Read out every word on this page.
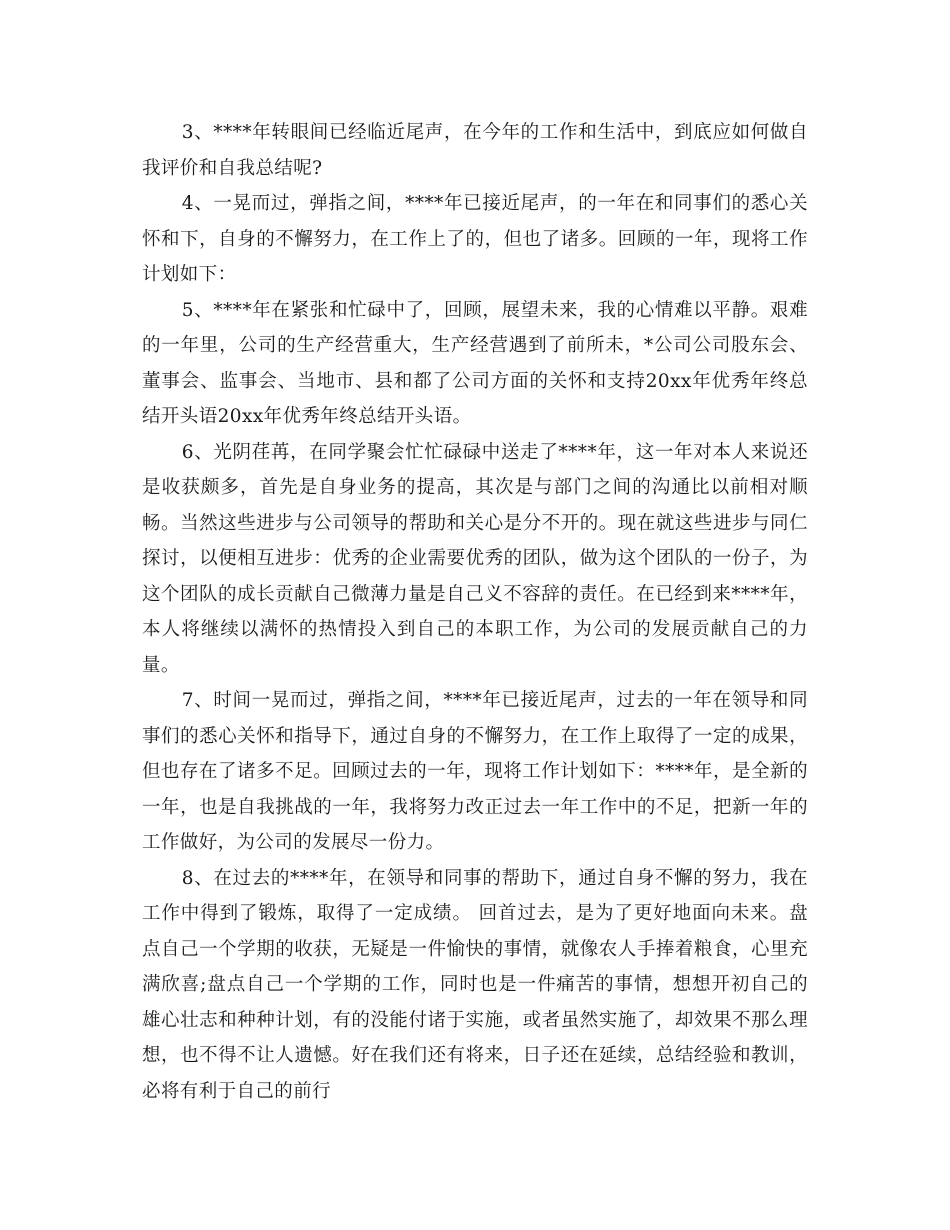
3、****年转眼间已经临近尾声，在今年的工作和生活中，到底应如何做自我评价和自我总结呢?

4、一晃而过，弹指之间，****年已接近尾声，的一年在和同事们的悉心关怀和下，自身的不懈努力，在工作上了的，但也了诸多。回顾的一年，现将工作计划如下：

5、****年在紧张和忙碌中了，回顾，展望未来，我的心情难以平静。艰难的一年里，公司的生产经营重大，生产经营遇到了前所未，*公司公司股东会、董事会、监事会、当地市、县和都了公司方面的关怀和支持20xx年优秀年终总结开头语20xx年优秀年终总结开头语。

6、光阴荏苒，在同学聚会忙忙碌碌中送走了****年，这一年对本人来说还是收获颇多，首先是自身业务的提高，其次是与部门之间的沟通比以前相对顺畅。当然这些进步与公司领导的帮助和关心是分不开的。现在就这些进步与同仁探讨，以便相互进步：优秀的企业需要优秀的团队，做为这个团队的一份子，为这个团队的成长贡献自己微薄力量是自己义不容辞的责任。在已经到来****年，本人将继续以满怀的热情投入到自己的本职工作，为公司的发展贡献自己的力量。

7、时间一晃而过，弹指之间，****年已接近尾声，过去的一年在领导和同事们的悉心关怀和指导下，通过自身的不懈努力，在工作上取得了一定的成果，但也存在了诸多不足。回顾过去的一年，现将工作计划如下：****年，是全新的一年，也是自我挑战的一年，我将努力改正过去一年工作中的不足，把新一年的工作做好，为公司的发展尽一份力。

8、在过去的****年，在领导和同事的帮助下，通过自身不懈的努力，我在工作中得到了锻炼，取得了一定成绩。 回首过去，是为了更好地面向未来。盘点自己一个学期的收获，无疑是一件愉快的事情，就像农人手捧着粮食，心里充满欣喜;盘点自己一个学期的工作，同时也是一件痛苦的事情，想想开初自己的雄心壮志和种种计划，有的没能付诸于实施，或者虽然实施了，却效果不那么理想，也不得不让人遗憾。好在我们还有将来，日子还在延续，总结经验和教训，必将有利于自己的前行
